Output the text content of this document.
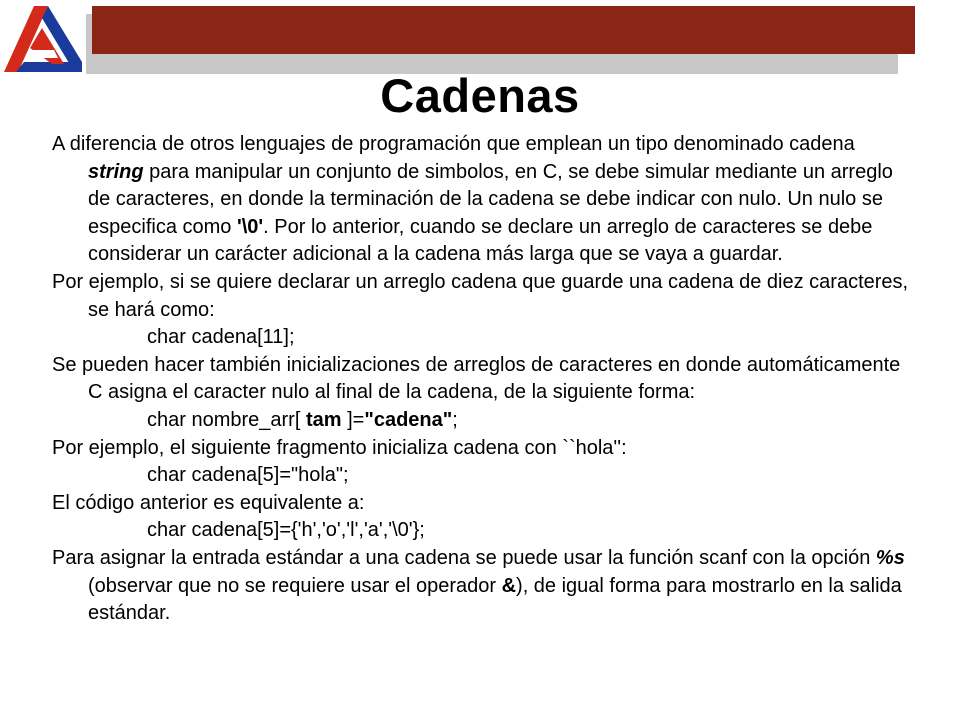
Cadenas

A diferencia de otros lenguajes de programación que emplean un tipo denominado cadena string para manipular un conjunto de simbolos, en C, se debe simular mediante un arreglo de caracteres, en donde la terminación de la cadena se debe indicar con nulo. Un nulo se especifica como '\0'. Por lo anterior, cuando se declare un arreglo de caracteres se debe considerar un carácter adicional a la cadena más larga que se vaya a guardar.

Por ejemplo, si se quiere declarar un arreglo cadena que guarde una cadena de diez caracteres, se hará como:

char cadena[11];

Se pueden hacer también inicializaciones de arreglos de caracteres en donde automáticamente C asigna el caracter nulo al final de la cadena, de la siguiente forma:

char nombre_arr[ tam ]="cadena";

Por ejemplo, el siguiente fragmento inicializa cadena con ``hola'':

char cadena[5]="hola";

El código anterior es equivalente a:

char cadena[5]={'h','o','l','a','\0'};

Para asignar la entrada estándar a una cadena se puede usar la función scanf con la opción %s (observar que no se requiere usar el operador &), de igual forma para mostrarlo en la salida estándar.
